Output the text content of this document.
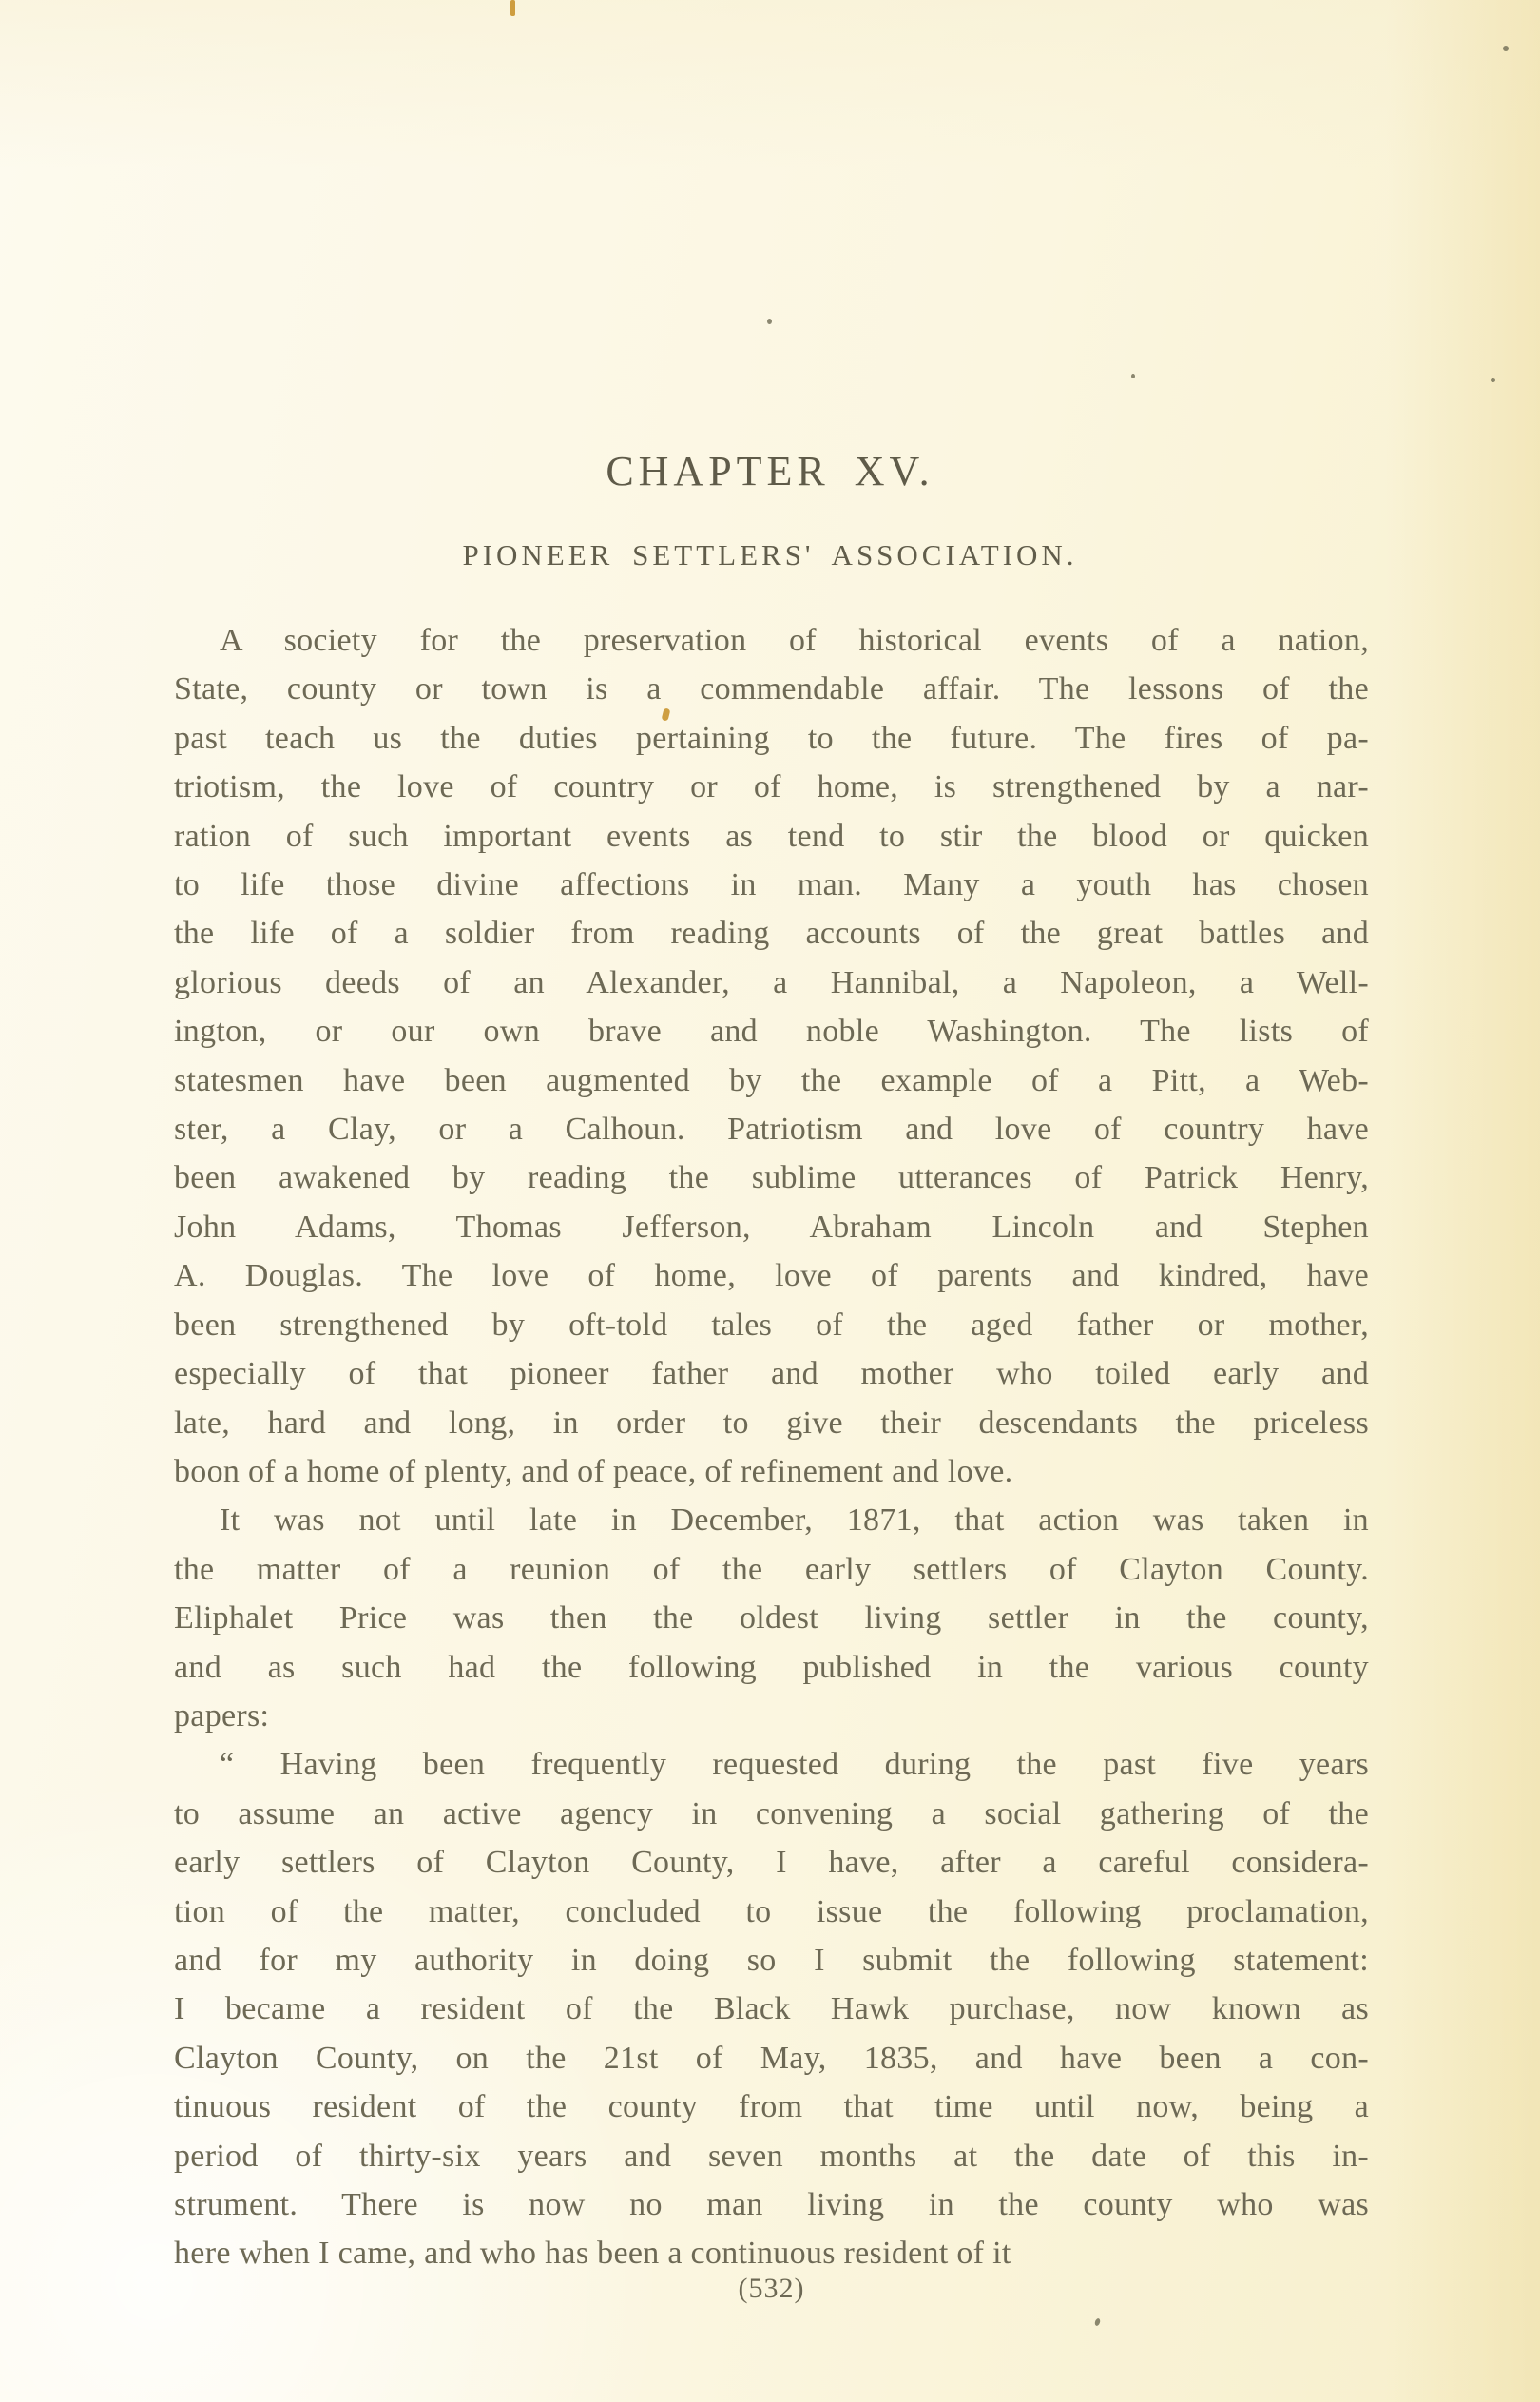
CHAPTER XV.
PIONEER SETTLERS' ASSOCIATION.
A society for the preservation of historical events of a nation,
State, county or town is a commendable affair. The lessons of the
past teach us the duties pertaining to the future. The fires of pa-
triotism, the love of country or of home, is strengthened by a nar-
ration of such important events as tend to stir the blood or quicken
to life those divine affections in man. Many a youth has chosen
the life of a soldier from reading accounts of the great battles and
glorious deeds of an Alexander, a Hannibal, a Napoleon, a Well-
ington, or our own brave and noble Washington. The lists of
statesmen have been augmented by the example of a Pitt, a Web-
ster, a Clay, or a Calhoun. Patriotism and love of country have
been awakened by reading the sublime utterances of Patrick Henry,
John Adams, Thomas Jefferson, Abraham Lincoln and Stephen
A. Douglas. The love of home, love of parents and kindred, have
been strengthened by oft-told tales of the aged father or mother,
especially of that pioneer father and mother who toiled early and
late, hard and long, in order to give their descendants the priceless
boon of a home of plenty, and of peace, of refinement and love.
It was not until late in December, 1871, that action was taken in
the matter of a reunion of the early settlers of Clayton County.
Eliphalet Price was then the oldest living settler in the county,
and as such had the following published in the various county
papers:
“ Having been frequently requested during the past five years
to assume an active agency in convening a social gathering of the
early settlers of Clayton County, I have, after a careful considera-
tion of the matter, concluded to issue the following proclamation,
and for my authority in doing so I submit the following statement:
I became a resident of the Black Hawk purchase, now known as
Clayton County, on the 21st of May, 1835, and have been a con-
tinuous resident of the county from that time until now, being a
period of thirty-six years and seven months at the date of this in-
strument. There is now no man living in the county who was
here when I came, and who has been a continuous resident of it
(532)
